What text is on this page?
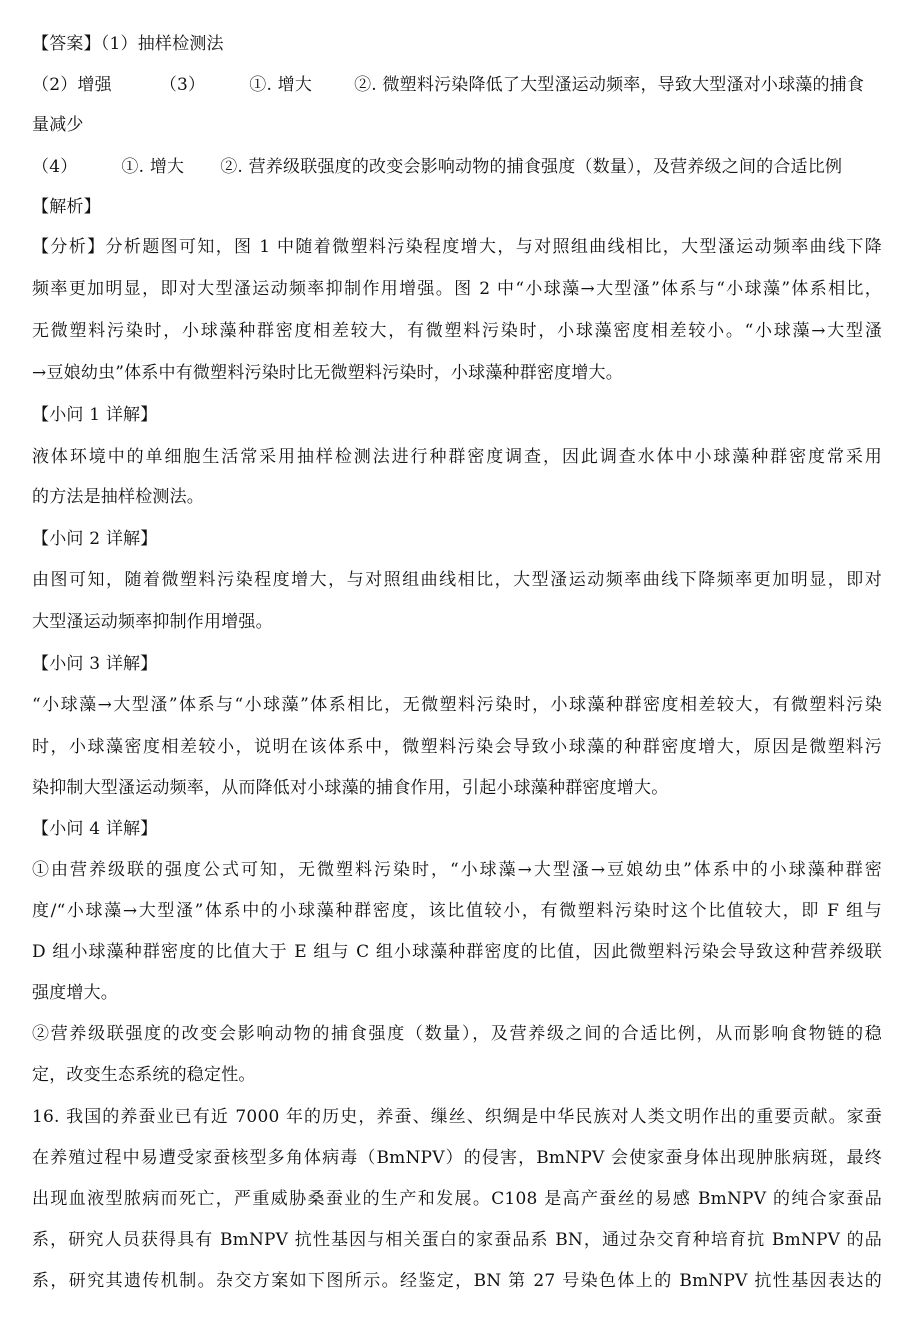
【答案】（1）抽样检测法
（2）增强	（3）	①. 增大 ②. 微塑料污染降低了大型溞运动频率，导致大型溞对小球藻的捕食
量减少
（4）	①. 增大 ②. 营养级联强度的改变会影响动物的捕食强度（数量），及营养级之间的合适比例
【解析】
【分析】分析题图可知，图 1 中随着微塑料污染程度增大，与对照组曲线相比，大型溞运动频率曲线下降
频率更加明显，即对大型溞运动频率抑制作用增强。图 2 中“小球藻→大型溞”体系与“小球藻”体系相比，
无微塑料污染时，小球藻种群密度相差较大，有微塑料污染时，小球藻密度相差较小。“小球藻→大型溞
→豆娘幼虫”体系中有微塑料污染时比无微塑料污染时，小球藻种群密度增大。
【小问 1 详解】
液体环境中的单细胞生活常采用抽样检测法进行种群密度调查，因此调查水体中小球藻种群密度常采用
的方法是抽样检测法。
【小问 2 详解】
由图可知，随着微塑料污染程度增大，与对照组曲线相比，大型溞运动频率曲线下降频率更加明显，即对
大型溞运动频率抑制作用增强。
【小问 3 详解】
“小球藻→大型溞”体系与“小球藻”体系相比，无微塑料污染时，小球藻种群密度相差较大，有微塑料污染
时，小球藻密度相差较小，说明在该体系中，微塑料污染会导致小球藻的种群密度增大，原因是微塑料污
染抑制大型溞运动频率，从而降低对小球藻的捕食作用，引起小球藻种群密度增大。
【小问 4 详解】
①由营养级联的强度公式可知，无微塑料污染时，“小球藻→大型溞→豆娘幼虫”体系中的小球藻种群密
度/“小球藻→大型溞”体系中的小球藻种群密度，该比值较小，有微塑料污染时这个比值较大，即 F 组与
D 组小球藻种群密度的比值大于 E 组与 C 组小球藻种群密度的比值，因此微塑料污染会导致这种营养级联
强度增大。
②营养级联强度的改变会影响动物的捕食强度（数量），及营养级之间的合适比例，从而影响食物链的稳
定，改变生态系统的稳定性。
16. 我国的养蚕业已有近 7000 年的历史，养蚕、缫丝、织绸是中华民族对人类文明作出的重要贡献。家蚕
在养殖过程中易遭受家蚕核型多角体病毒（BmNPV）的侵害，BmNPV 会使家蚕身体出现肿胀病斑，最终
出现血液型脓病而死亡，严重威胁桑蚕业的生产和发展。C108 是高产蚕丝的易感 BmNPV 的纯合家蚕品
系，研究人员获得具有 BmNPV 抗性基因与相关蛋白的家蚕品系 BN，通过杂交育种培育抗 BmNPV 的品
系，研究其遗传机制。杂交方案如下图所示。经鉴定，BN 第 27 号染色体上的 BmNPV 抗性基因表达的
